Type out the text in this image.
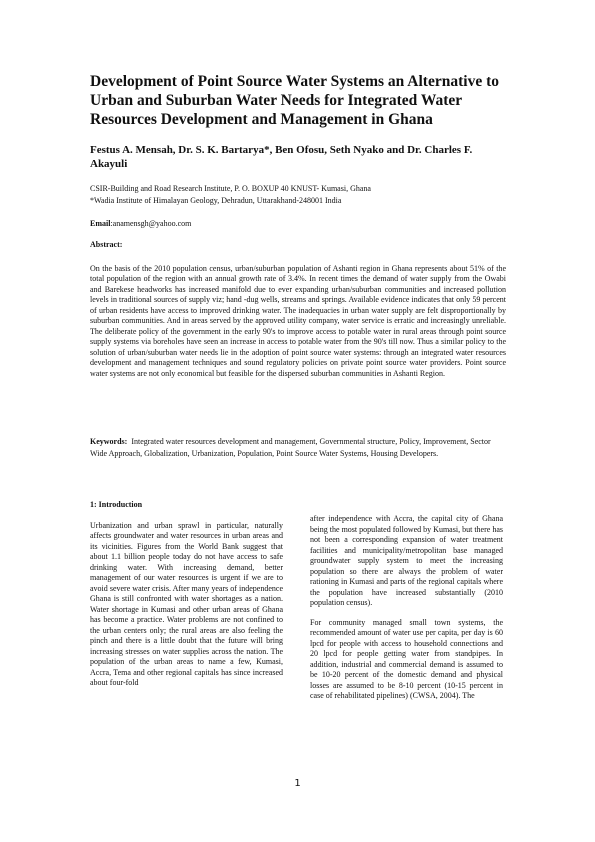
Development of Point Source Water Systems an Alternative to Urban and Suburban Water Needs for Integrated Water Resources Development and Management in Ghana
Festus A. Mensah, Dr. S. K. Bartarya*, Ben Ofosu, Seth Nyako and Dr. Charles F. Akayuli
CSIR-Building and Road Research Institute, P. O. BOXUP 40 KNUST- Kumasi, Ghana
*Wadia Institute of Himalayan Geology, Dehradun, Uttarakhand-248001 India
Email:anamensgh@yahoo.com
Abstract:
On the basis of the 2010 population census, urban/suburban population of Ashanti region in Ghana represents about 51% of the total population of the region with an annual growth rate of 3.4%. In recent times the demand of water supply from the Owabi and Barekese headworks has increased manifold due to ever expanding urban/suburban communities and increased pollution levels in traditional sources of supply viz; hand -dug wells, streams and springs. Available evidence indicates that only 59 percent of urban residents have access to improved drinking water. The inadequacies in urban water supply are felt disproportionally by suburban communities. And in areas served by the approved utility company, water service is erratic and increasingly unreliable. The deliberate policy of the government in the early 90's to improve access to potable water in rural areas through point source supply systems via boreholes have seen an increase in access to potable water from the 90's till now. Thus a similar policy to the solution of urban/suburban water needs lie in the adoption of point source water systems: through an integrated water resources development and management techniques and sound regulatory policies on private point source water providers. Point source water systems are not only economical but feasible for the dispersed suburban communities in Ashanti Region.
Keywords: Integrated water resources development and management, Governmental structure, Policy, Improvement, Sector Wide Approach, Globalization, Urbanization, Population, Point Source Water Systems, Housing Developers.
1: Introduction

Urbanization and urban sprawl in particular, naturally affects groundwater and water resources in urban areas and its vicinities. Figures from the World Bank suggest that about 1.1 billion people today do not have access to safe drinking water. With increasing demand, better management of our water resources is urgent if we are to avoid severe water crisis. After many years of independence Ghana is still confronted with water shortages as a nation. Water shortage in Kumasi and other urban areas of Ghana has become a practice. Water problems are not confined to the urban centers only; the rural areas are also feeling the pinch and there is a little doubt that the future will bring increasing stresses on water supplies across the nation. The population of the urban areas to name a few, Kumasi, Accra, Tema and other regional capitals has since increased about four-fold

after independence with Accra, the capital city of Ghana being the most populated followed by Kumasi, but there has not been a corresponding expansion of water treatment facilities and municipality/metropolitan base managed groundwater supply system to meet the increasing population so there are always the problem of water rationing in Kumasi and parts of the regional capitals where the population have increased substantially (2010 population census).

For community managed small town systems, the recommended amount of water use per capita, per day is 60 lpcd for people with access to household connections and 20 lpcd for people getting water from standpipes. In addition, industrial and commercial demand is assumed to be 10-20 percent of the domestic demand and physical losses are assumed to be 8-10 percent (10-15 percent in case of rehabilitated pipelines) (CWSA, 2004). The

1
